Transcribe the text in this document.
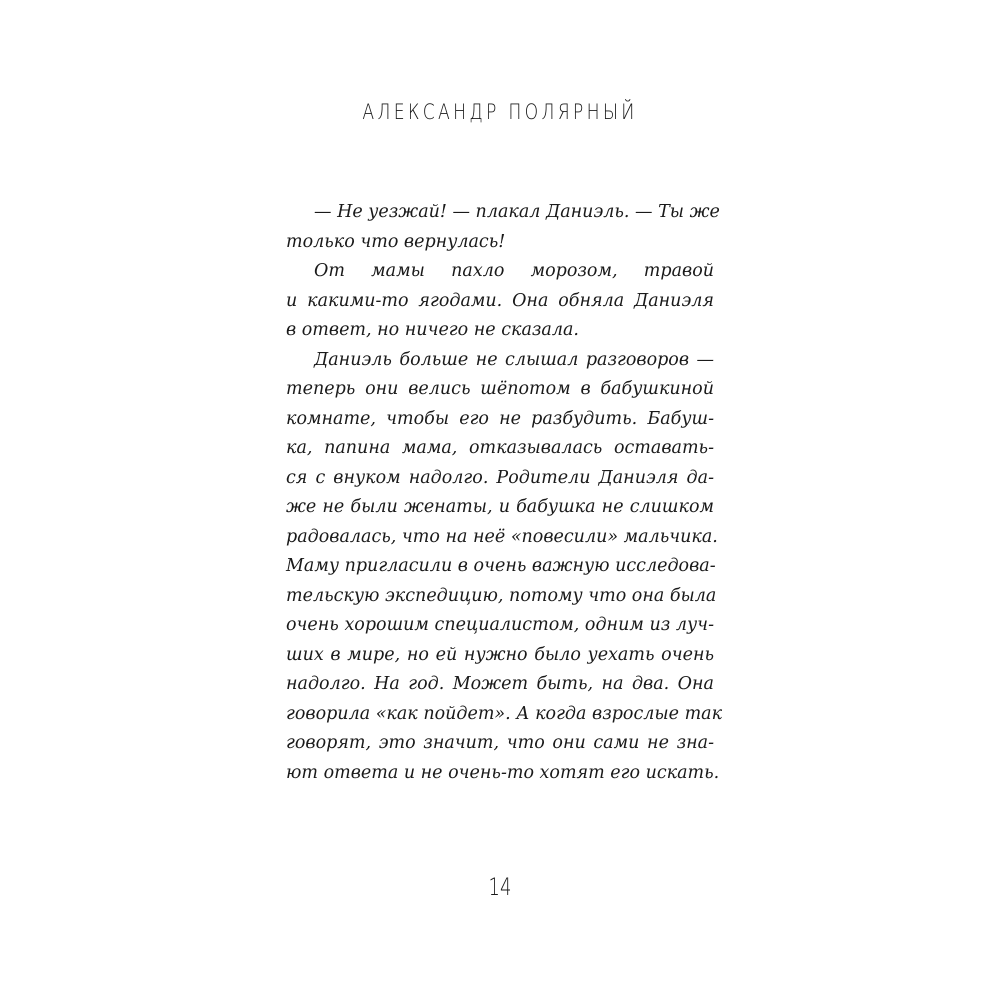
АЛЕКСАНДР ПОЛЯРНЫЙ
— Не уезжай! — плакал Даниэль. — Ты же
только что вернулась!
От мамы пахло морозом, травой
и какими-то ягодами. Она обняла Даниэля
в ответ, но ничего не сказала.
Даниэль больше не слышал разговоров —
теперь они велись шёпотом в бабушкиной
комнате, чтобы его не разбудить. Бабуш-
ка, папина мама, отказывалась оставать-
ся с внуком надолго. Родители Даниэля да-
же не были женаты, и бабушка не слишком
радовалась, что на неё «повесили» мальчика.
Маму пригласили в очень важную исследова-
тельскую экспедицию, потому что она была
очень хорошим специалистом, одним из луч-
ших в мире, но ей нужно было уехать очень
надолго. На год. Может быть, на два. Она
говорила «как пойдет». А когда взрослые так
говорят, это значит, что они сами не зна-
ют ответа и не очень-то хотят его искать.
14
